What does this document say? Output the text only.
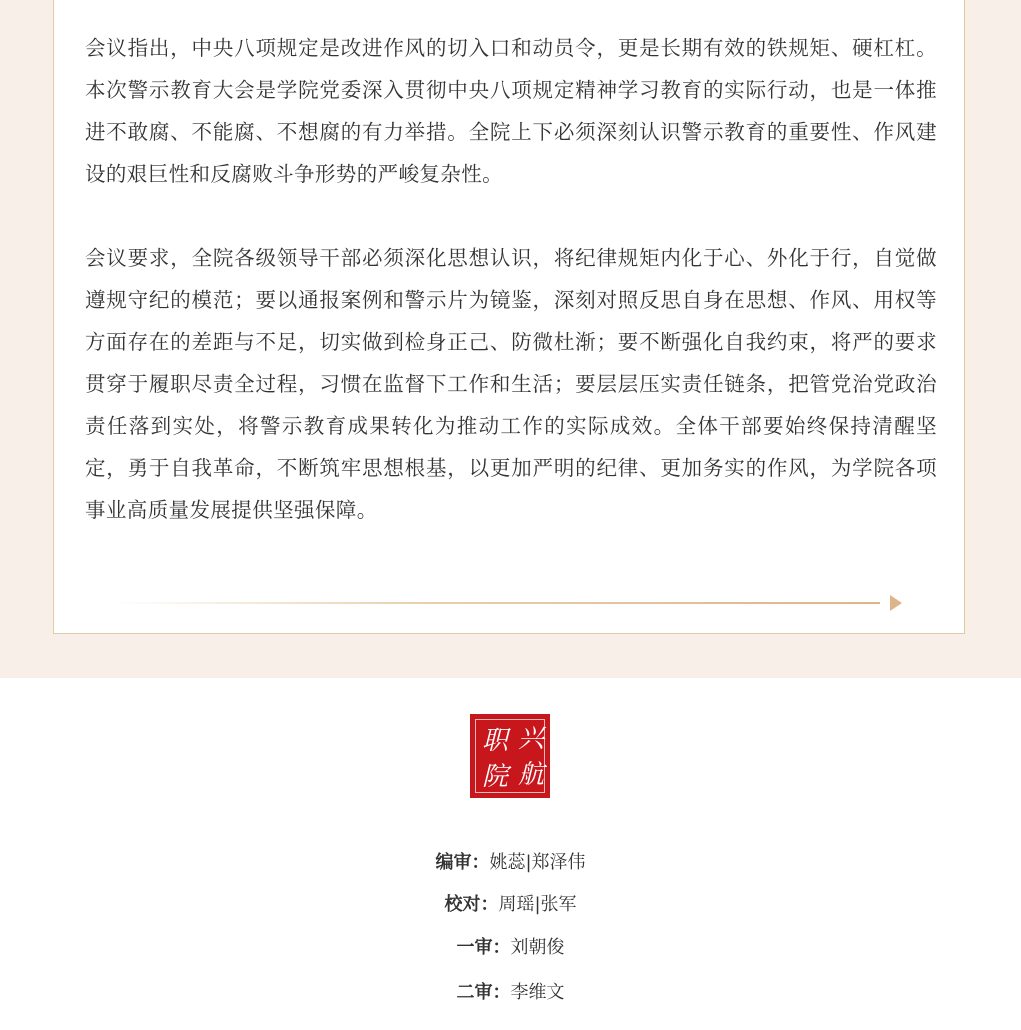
会议指出，中央八项规定是改进作风的切入口和动员令，更是长期有效的铁规矩、硬杠杠。本次警示教育大会是学院党委深入贯彻中央八项规定精神学习教育的实际行动，也是一体推进不敢腐、不能腐、不想腐的有力举措。全院上下必须深刻认识警示教育的重要性、作风建设的艰巨性和反腐败斗争形势的严峻复杂性。

会议要求，全院各级领导干部必须深化思想认识，将纪律规矩内化于心、外化于行，自觉做遵规守纪的模范；要以通报案例和警示片为镜鉴，深刻对照反思自身在思想、作风、用权等方面存在的差距与不足，切实做到检身正己、防微杜渐；要不断强化自我约束，将严的要求贯穿于履职尽责全过程，习惯在监督下工作和生活；要层层压实责任链条，把管党治党政治责任落到实处，将警示教育成果转化为推动工作的实际成效。全体干部要始终保持清醒坚定，勇于自我革命，不断筑牢思想根基，以更加严明的纪律、更加务实的作风，为学院各项事业高质量发展提供坚强保障。

兴
职
航
院
编审：姚蕊|郑泽伟
校对：周瑶|张军
一审：刘朝俊
二审：李维文
